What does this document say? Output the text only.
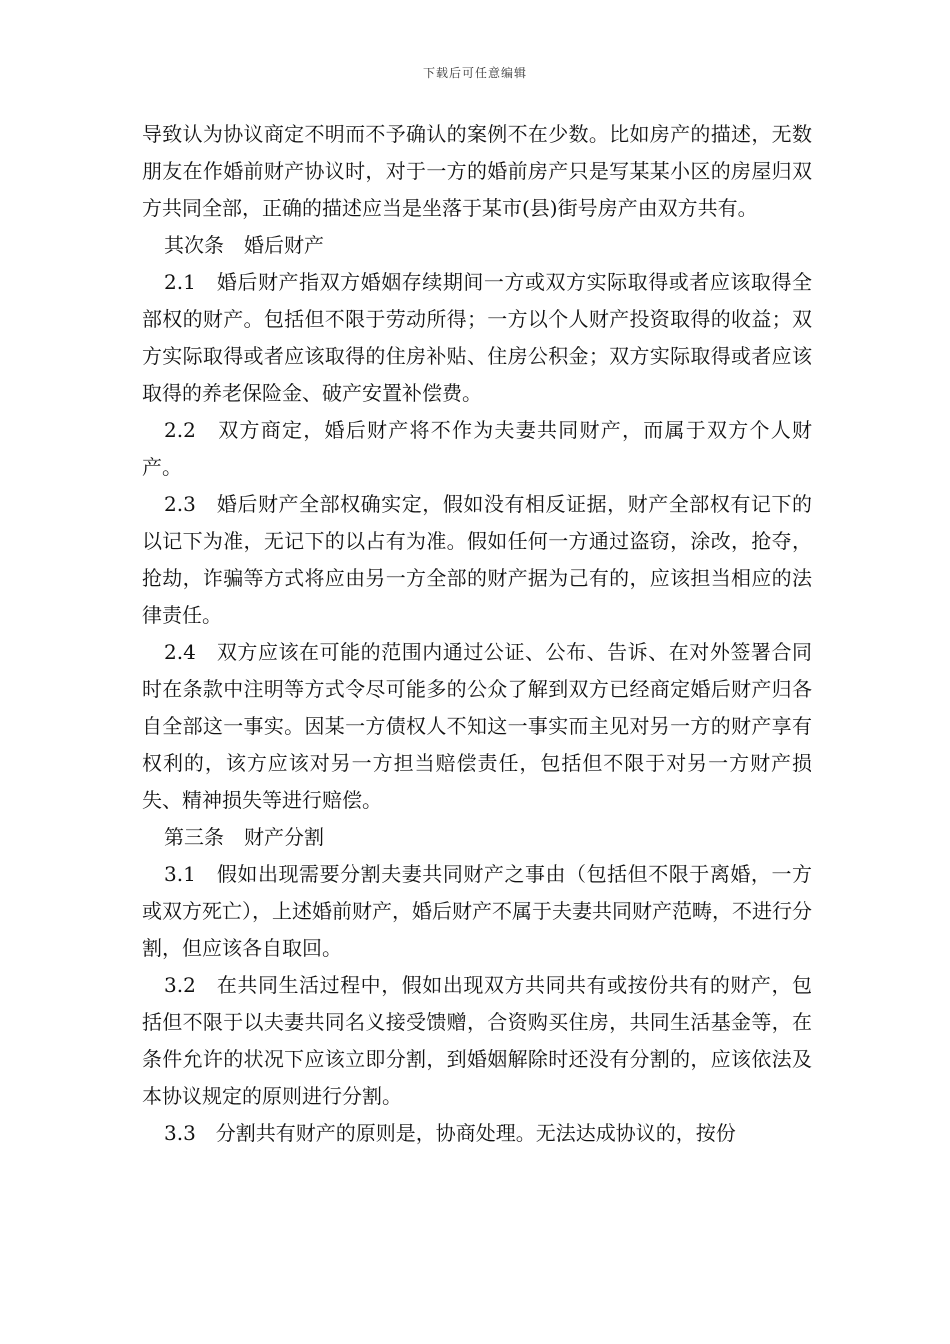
下载后可任意编辑

导致认为协议商定不明而不予确认的案例不在少数。比如房产的描述，无数朋友在作婚前财产协议时，对于一方的婚前房产只是写某某小区的房屋归双方共同全部，正确的描述应当是坐落于某市(县)街号房产由双方共有。

其次条　婚后财产

2.1　婚后财产指双方婚姻存续期间一方或双方实际取得或者应该取得全部权的财产。包括但不限于劳动所得；一方以个人财产投资取得的收益；双方实际取得或者应该取得的住房补贴、住房公积金；双方实际取得或者应该取得的养老保险金、破产安置补偿费。

2.2　双方商定，婚后财产将不作为夫妻共同财产，而属于双方个人财产。

2.3　婚后财产全部权确实定，假如没有相反证据，财产全部权有记下的以记下为准，无记下的以占有为准。假如任何一方通过盗窃，涂改，抢夺，抢劫，诈骗等方式将应由另一方全部的财产据为己有的，应该担当相应的法律责任。

2.4　双方应该在可能的范围内通过公证、公布、告诉、在对外签署合同时在条款中注明等方式令尽可能多的公众了解到双方已经商定婚后财产归各自全部这一事实。因某一方债权人不知这一事实而主见对另一方的财产享有权利的，该方应该对另一方担当赔偿责任，包括但不限于对另一方财产损失、精神损失等进行赔偿。

第三条　财产分割

3.1　假如出现需要分割夫妻共同财产之事由（包括但不限于离婚，一方或双方死亡），上述婚前财产，婚后财产不属于夫妻共同财产范畴，不进行分割，但应该各自取回。

3.2　在共同生活过程中，假如出现双方共同共有或按份共有的财产，包括但不限于以夫妻共同名义接受馈赠，合资购买住房，共同生活基金等，在条件允许的状况下应该立即分割，到婚姻解除时还没有分割的，应该依法及本协议规定的原则进行分割。

3.3　分割共有财产的原则是，协商处理。无法达成协议的，按份
